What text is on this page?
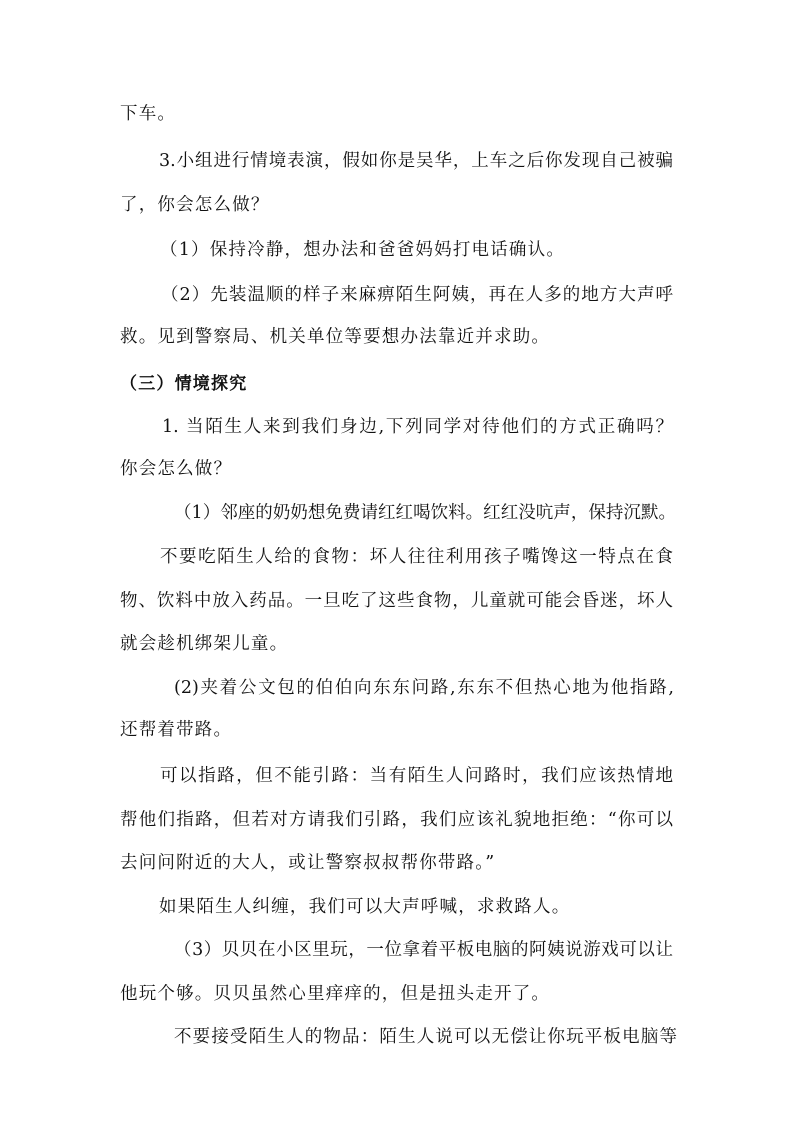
下车。
3.小组进行情境表演，假如你是吴华，上车之后你发现自己被骗
了，你会怎么做？
（1）保持冷静，想办法和爸爸妈妈打电话确认。
（2）先装温顺的样子来麻痹陌生阿姨，再在人多的地方大声呼
救。见到警察局、机关单位等要想办法靠近并求助。
（三）情境探究
1. 当陌生人来到我们身边,下列同学对待他们的方式正确吗？
你会怎么做？
（1）邻座的奶奶想免费请红红喝饮料。红红没吭声，保持沉默。
不要吃陌生人给的食物：坏人往往利用孩子嘴馋这一特点在食
物、饮料中放入药品。一旦吃了这些食物，儿童就可能会昏迷，坏人
就会趁机绑架儿童。
(2)夹着公文包的伯伯向东东问路,东东不但热心地为他指路,
还帮着带路。
可以指路，但不能引路：当有陌生人问路时，我们应该热情地
帮他们指路，但若对方请我们引路，我们应该礼貌地拒绝：“你可以
去问问附近的大人，或让警察叔叔帮你带路。”
如果陌生人纠缠，我们可以大声呼喊，求救路人。
（3）贝贝在小区里玩，一位拿着平板电脑的阿姨说游戏可以让
他玩个够。贝贝虽然心里痒痒的，但是扭头走开了。
不要接受陌生人的物品：陌生人说可以无偿让你玩平板电脑等
